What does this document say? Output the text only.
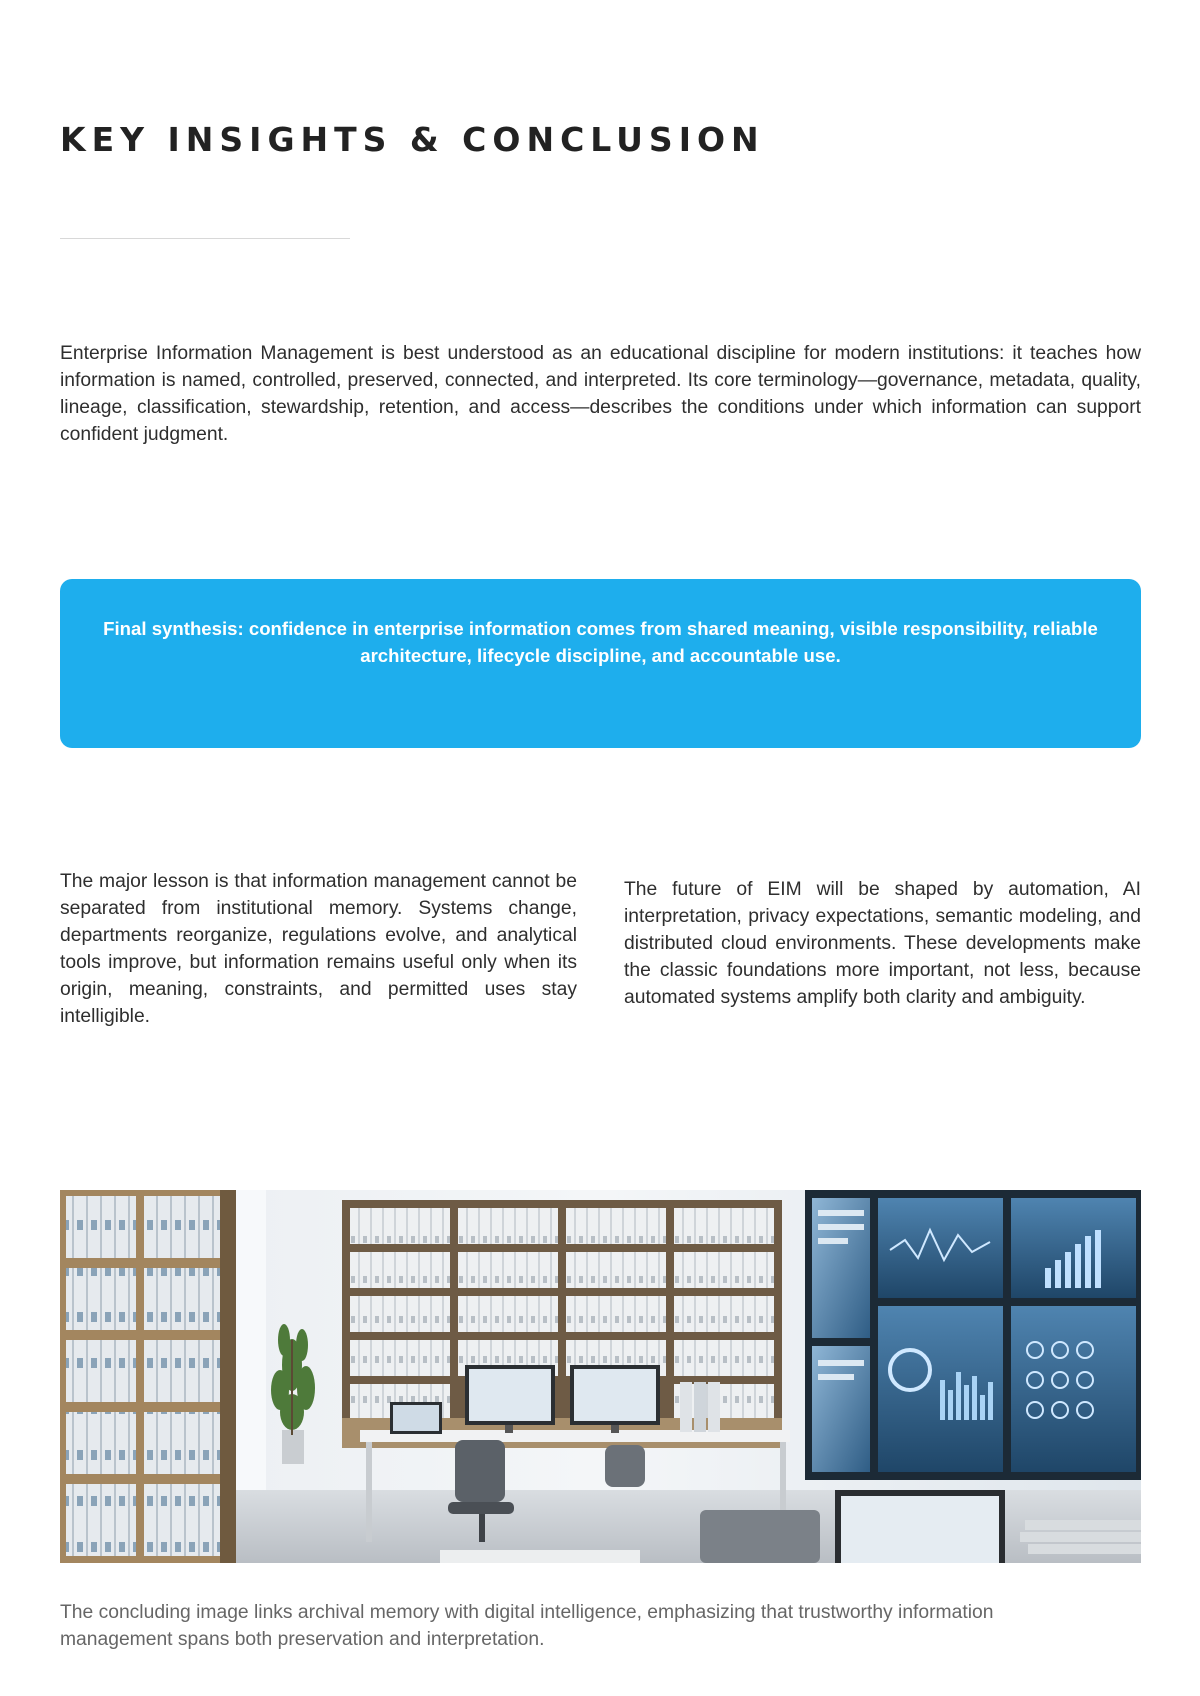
KEY INSIGHTS & CONCLUSION

Enterprise Information Management is best understood as an educational discipline for modern institutions: it teaches how information is named, controlled, preserved, connected, and interpreted. Its core terminology—governance, metadata, quality, lineage, classification, stewardship, retention, and access—describes the conditions under which information can support confident judgment.

Final synthesis: confidence in enterprise information comes from shared meaning, visible responsibility, reliable architecture, lifecycle discipline, and accountable use.

The major lesson is that information management cannot be separated from institutional memory. Systems change, departments reorganize, regulations evolve, and analytical tools improve, but information remains useful only when its origin, meaning, constraints, and permitted uses stay intelligible.

The future of EIM will be shaped by automation, AI interpretation, privacy expectations, semantic modeling, and distributed cloud environments. These developments make the classic foundations more important, not less, because automated systems amplify both clarity and ambiguity.

The concluding image links archival memory with digital intelligence, emphasizing that trustworthy information management spans both preservation and interpretation.
